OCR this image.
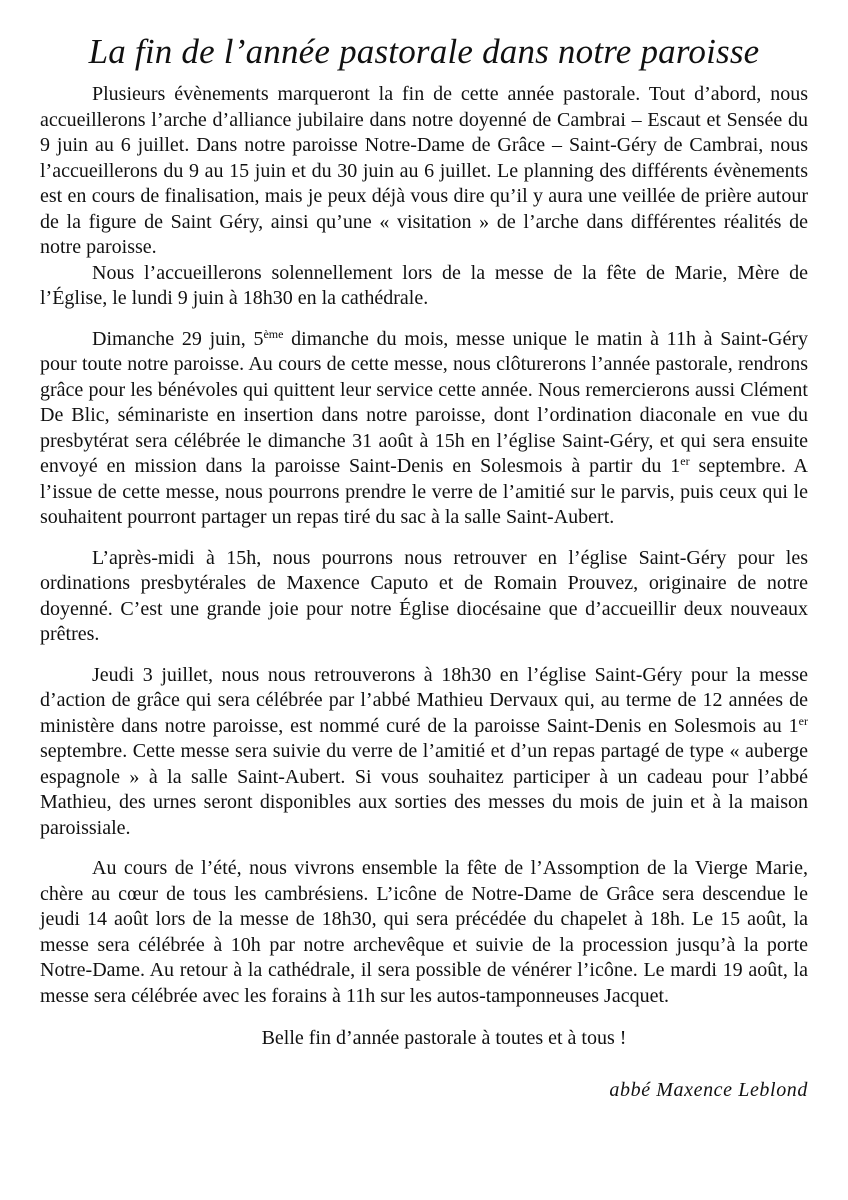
La fin de l’année pastorale dans notre paroisse

Plusieurs évènements marqueront la fin de cette année pastorale. Tout d’abord, nous accueillerons l’arche d’alliance jubilaire dans notre doyenné de Cambrai – Escaut et Sensée du 9 juin au 6 juillet. Dans notre paroisse Notre-Dame de Grâce – Saint-Géry de Cambrai, nous l’accueillerons du 9 au 15 juin et du 30 juin au 6 juillet. Le planning des différents évènements est en cours de finalisation, mais je peux déjà vous dire qu’il y aura une veillée de prière autour de la figure de Saint Géry, ainsi qu’une « visitation » de l’arche dans différentes réalités de notre paroisse.

Nous l’accueillerons solennellement lors de la messe de la fête de Marie, Mère de l’Église, le lundi 9 juin à 18h30 en la cathédrale.

Dimanche 29 juin, 5ème dimanche du mois, messe unique le matin à 11h à Saint-Géry pour toute notre paroisse. Au cours de cette messe, nous clôturerons l’année pastorale, rendrons grâce pour les bénévoles qui quittent leur service cette année. Nous remercierons aussi Clément De Blic, séminariste en insertion dans notre paroisse, dont l’ordination diaconale en vue du presbytérat sera célébrée le dimanche 31 août à 15h en l’église Saint-Géry, et qui sera ensuite envoyé en mission dans la paroisse Saint-Denis en Solesmois à partir du 1er septembre. A l’issue de cette messe, nous pourrons prendre le verre de l’amitié sur le parvis, puis ceux qui le souhaitent pourront partager un repas tiré du sac à la salle Saint-Aubert.

L’après-midi à 15h, nous pourrons nous retrouver en l’église Saint-Géry pour les ordinations presbytérales de Maxence Caputo et de Romain Prouvez, originaire de notre doyenné. C’est une grande joie pour notre Église diocésaine que d’accueillir deux nouveaux prêtres.

Jeudi 3 juillet, nous nous retrouverons à 18h30 en l’église Saint-Géry pour la messe d’action de grâce qui sera célébrée par l’abbé Mathieu Dervaux qui, au terme de 12 années de ministère dans notre paroisse, est nommé curé de la paroisse Saint-Denis en Solesmois au 1er septembre. Cette messe sera suivie du verre de l’amitié et d’un repas partagé de type « auberge espagnole » à la salle Saint-Aubert. Si vous souhaitez participer à un cadeau pour l’abbé Mathieu, des urnes seront disponibles aux sorties des messes du mois de juin et à la maison paroissiale.

Au cours de l’été, nous vivrons ensemble la fête de l’Assomption de la Vierge Marie, chère au cœur de tous les cambrésiens. L’icône de Notre-Dame de Grâce sera descendue le jeudi 14 août lors de la messe de 18h30, qui sera précédée du chapelet à 18h. Le 15 août, la messe sera célébrée à 10h par notre archevêque et suivie de la procession jusqu’à la porte Notre-Dame. Au retour à la cathédrale, il sera possible de vénérer l’icône. Le mardi 19 août, la messe sera célébrée avec les forains à 11h sur les autos-tamponneuses Jacquet.

Belle fin d’année pastorale à toutes et à tous !

abbé Maxence Leblond
